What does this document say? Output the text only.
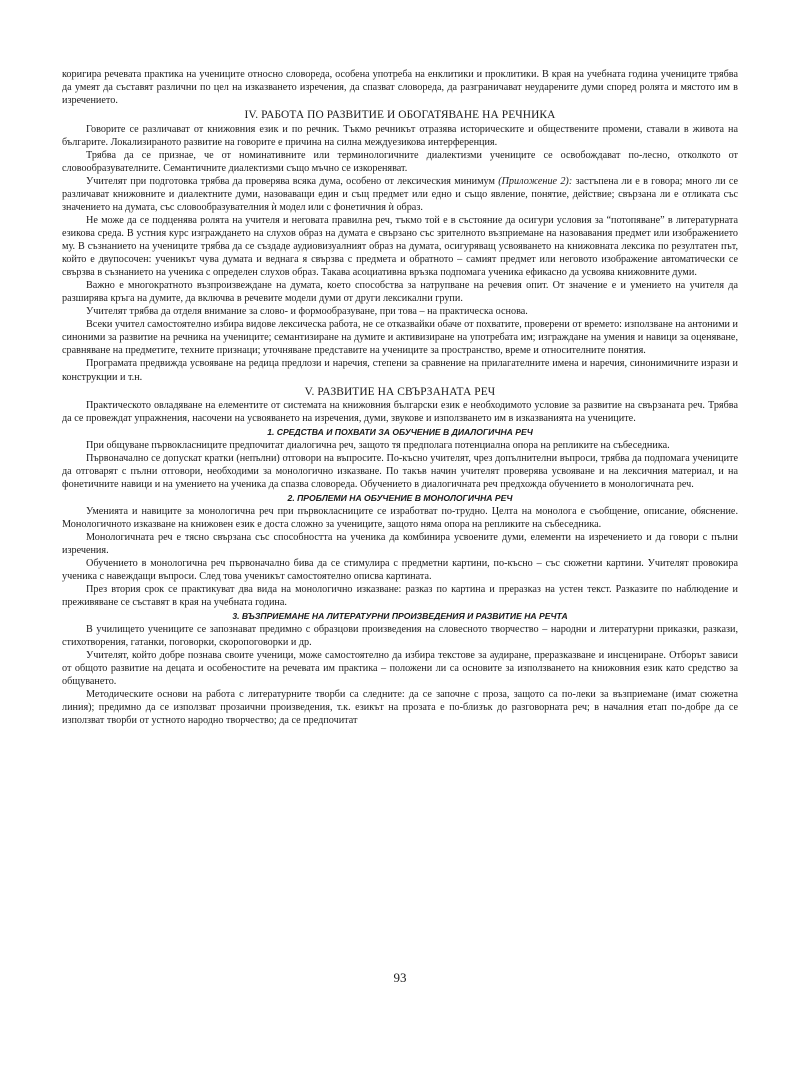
коригира речевата практика на учениците относно словореда, особена употреба на енклитики и проклитики. В края на учебната година учениците трябва да умеят да съставят различни по цел на изказването изречения, да спазват словореда, да разграничават неударените думи според ролята и мястото им в изречението.

IV. РАБОТА ПО РАЗВИТИЕ И ОБОГАТЯВАНЕ НА РЕЧНИКА

Говорите се различават от книжовния език и по речник. Тъкмо речникът отразява историческите и обществените промени, ставали в живота на българите. Локализираното развитие на говорите е причина на силна междуезикова интерференция.

Трябва да се признае, че от номинативните или терминологичните диалектизми учениците се освобождават по-лесно, отколкото от словообразувателните. Семантичните диалектизми също мъчно се изкореняват.

Учителят при подготовка трябва да проверява всяка дума, особено от лексическия минимум (Приложение 2): застъпена ли е в говора; много ли се различават книжовните и диалектните думи, назоваващи един и същ предмет или едно и също явление, понятие, действие; свързана ли е отликата със значението на думата, със словообразувателния ѝ модел или с фонетичния ѝ образ.

Не може да се подценява ролята на учителя и неговата правилна реч, тъкмо той е в състояние да осигури условия за “потопяване” в литературната езикова среда. В устния курс изграждането на слухов образ на думата е свързано със зрителното възприемане на назовавания предмет или изображението му. В съзнанието на учениците трябва да се създаде аудиовизуалният образ на думата, осигуряващ усвояването на книжовната лексика по резултатен път, който е двупосочен: ученикът чува думата и веднага я свързва с предмета и обратното – самият предмет или неговото изображение автоматически се свързва в съзнанието на ученика с определен слухов образ. Такава асоциативна връзка подпомага ученика ефикасно да усвоява книжовните думи.

Важно е многократното възпроизвеждане на думата, което способства за натрупване на речевия опит. От значение е и умението на учителя да разширява кръга на думите, да включва в речевите модели думи от други лексикални групи.

Учителят трябва да отделя внимание за слово- и формообразуване, при това – на практическа основа.

Всеки учител самостоятелно избира видове лексическа работа, не се отказвайки обаче от похватите, проверени от времето: използване на антоними и синоними за развитие на речника на учениците; семантизиране на думите и активизиране на употребата им; изграждане на умения и навици за оценяване, сравняване на предметите, техните признаци; уточняване представите на учениците за пространство, време и относителните понятия.

Програмата предвижда усвояване на редица предлози и наречия, степени за сравнение на прилагателните имена и наречия, синонимичните изрази и конструкции и т.н.

V. РАЗВИТИЕ НА СВЪРЗАНАТА РЕЧ

Практическото овладяване на елементите от системата на книжовния български език е необходимото условие за развитие на свързаната реч. Трябва да се провеждат упражнения, насочени на усвояването на изречения, думи, звукове и използването им в изказванията на учениците.

1. СРЕДСТВА И ПОХВАТИ ЗА ОБУЧЕНИЕ В ДИАЛОГИЧНА РЕЧ

При общуване първокласниците предпочитат диалогична реч, защото тя предполага потенциална опора на репликите на събеседника.

Първоначално се допускат кратки (непълни) отговори на въпросите. По-късно учителят, чрез допълнителни въпроси, трябва да подпомага учениците да отговарят с пълни отговори, необходими за монологично изказване. По такъв начин учителят проверява усвояване и на лексичния материал, и на фонетичните навици и на умението на ученика да спазва словореда. Обучението в диалогичната реч предхожда обучението в монологичната реч.

2. ПРОБЛЕМИ НА ОБУЧЕНИЕ В МОНОЛОГИЧНА РЕЧ

Уменията и навиците за монологична реч при първокласниците се изработват по-трудно. Целта на монолога е съобщение, описание, обяснение. Монологичното изказване на книжовен език е доста сложно за учениците, защото няма опора на репликите на събеседника.

Монологичната реч е тясно свързана със способността на ученика да комбинира усвоените думи, елементи на изречението и да говори с пълни изречения.

Обучението в монологична реч първоначално бива да се стимулира с предметни картини, по-късно – със сюжетни картини. Учителят провокира ученика с навеждащи въпроси. След това ученикът самостоятелно описва картината.

През втория срок се практикуват два вида на монологично изказване: разказ по картина и преразказ на устен текст. Разказите по наблюдение и преживяване се съставят в края на учебната година.

3. ВЪЗПРИЕМАНЕ НА ЛИТЕРАТУРНИ ПРОИЗВЕДЕНИЯ И РАЗВИТИЕ НА РЕЧТА

В училището учениците се запознават предимно с образцови произведения на словесното творчество – народни и литературни приказки, разкази, стихотворения, гатанки, поговорки, скоропоговорки и др.

Учителят, който добре познава своите ученици, може самостоятелно да избира текстове за аудиране, преразказване и инсцениране. Отборът зависи от общото развитие на децата и особеностите на речевата им практика – положени ли са основите за използването на книжовния език като средство за общуването.

Методическите основи на работа с литературните творби са следните: да се започне с проза, защото са по-леки за възприемане (имат сюжетна линия); предимно да се използват прозаични произведения, т.к. езикът на прозата е по-близък до разговорната реч; в началния етап по-добре да се използват творби от устното народно творчество; да се предпочитат

93
